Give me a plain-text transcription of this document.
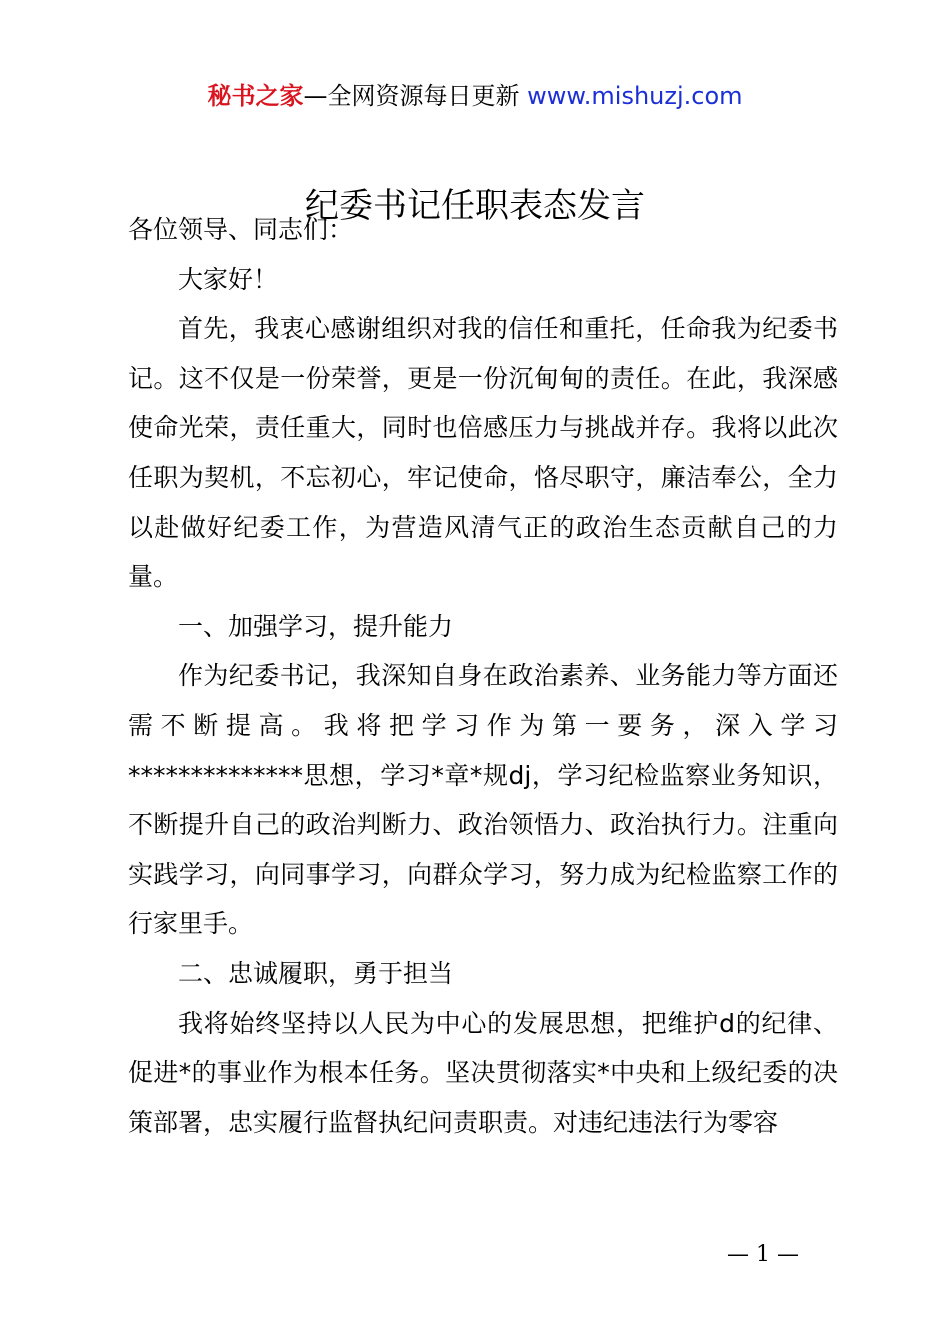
秘书之家—全网资源每日更新 www.mishuzj.com
纪委书记任职表态发言

各位领导、同志们：

大家好！

首先，我衷心感谢组织对我的信任和重托，任命我为纪委书记。这不仅是一份荣誉，更是一份沉甸甸的责任。在此，我深感使命光荣，责任重大，同时也倍感压力与挑战并存。我将以此次任职为契机，不忘初心，牢记使命，恪尽职守，廉洁奉公，全力以赴做好纪委工作，为营造风清气正的政治生态贡献自己的力量。

一、加强学习，提升能力

作为纪委书记，我深知自身在政治素养、业务能力等方面还需不断提高。我将把学习作为第一要务，深入学习**************思想，学习*章*规dj，学习纪检监察业务知识，不断提升自己的政治判断力、政治领悟力、政治执行力。注重向实践学习，向同事学习，向群众学习，努力成为纪检监察工作的行家里手。

二、忠诚履职，勇于担当

我将始终坚持以人民为中心的发展思想，把维护d的纪律、促进*的事业作为根本任务。坚决贯彻落实*中央和上级纪委的决策部署，忠实履行监督执纪问责职责。对违纪违法行为零容

— 1 —
